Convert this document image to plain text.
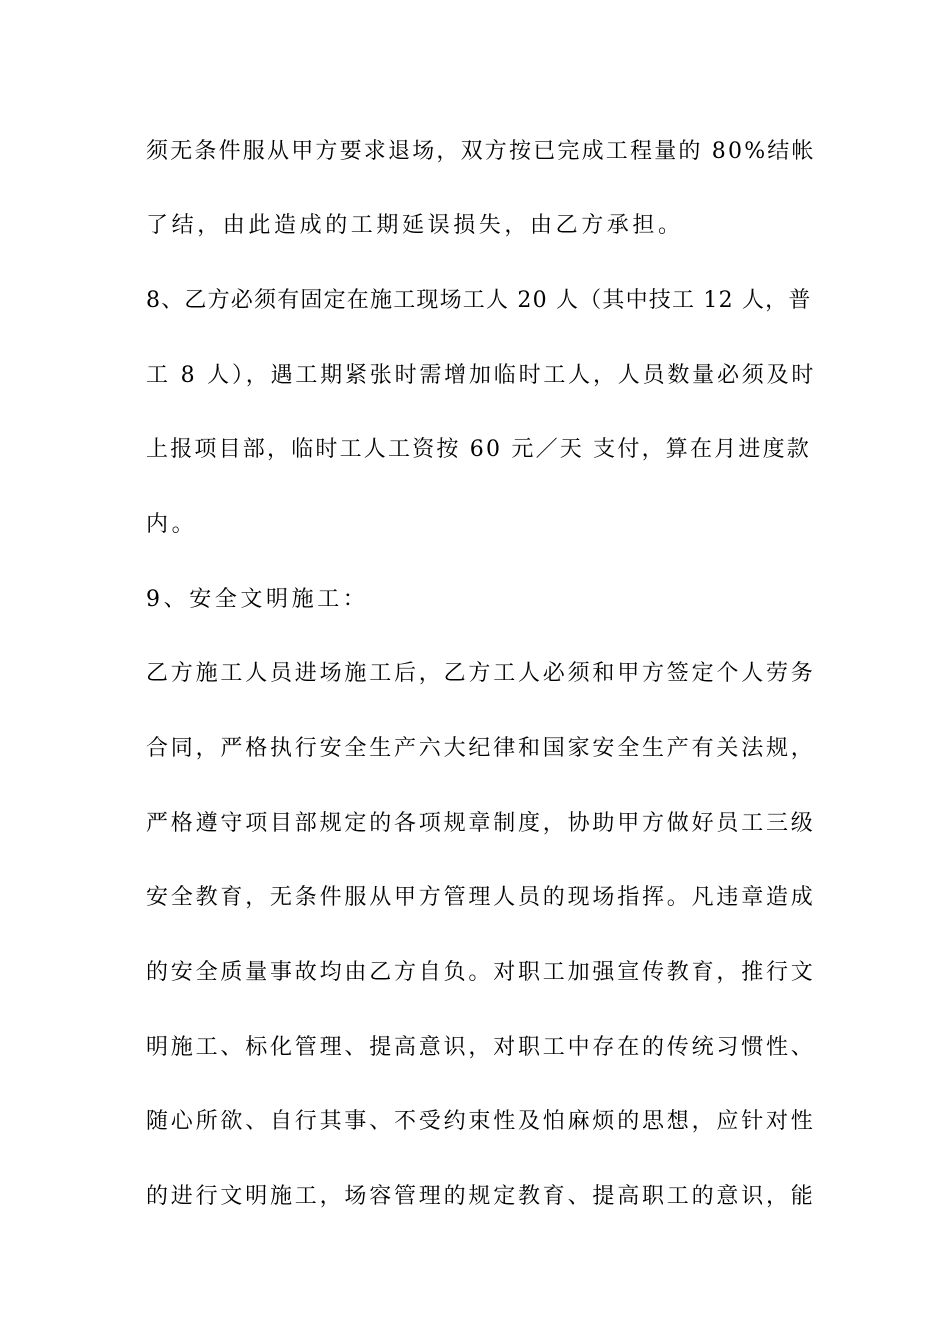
须无条件服从甲方要求退场，双方按已完成工程量的 80%结帐
了结，由此造成的工期延误损失，由乙方承担。
8、乙方必须有固定在施工现场工人 20 人（其中技工 12 人，普
工 8 人），遇工期紧张时需增加临时工人，人员数量必须及时
上报项目部，临时工人工资按 60 元／天 支付，算在月进度款
内。
9、安全文明施工：
乙方施工人员进场施工后，乙方工人必须和甲方签定个人劳务
合同，严格执行安全生产六大纪律和国家安全生产有关法规，
严格遵守项目部规定的各项规章制度，协助甲方做好员工三级
安全教育，无条件服从甲方管理人员的现场指挥。凡违章造成
的安全质量事故均由乙方自负。对职工加强宣传教育，推行文
明施工、标化管理、提高意识，对职工中存在的传统习惯性、
随心所欲、自行其事、不受约束性及怕麻烦的思想，应针对性
的进行文明施工，场容管理的规定教育、提高职工的意识，能
